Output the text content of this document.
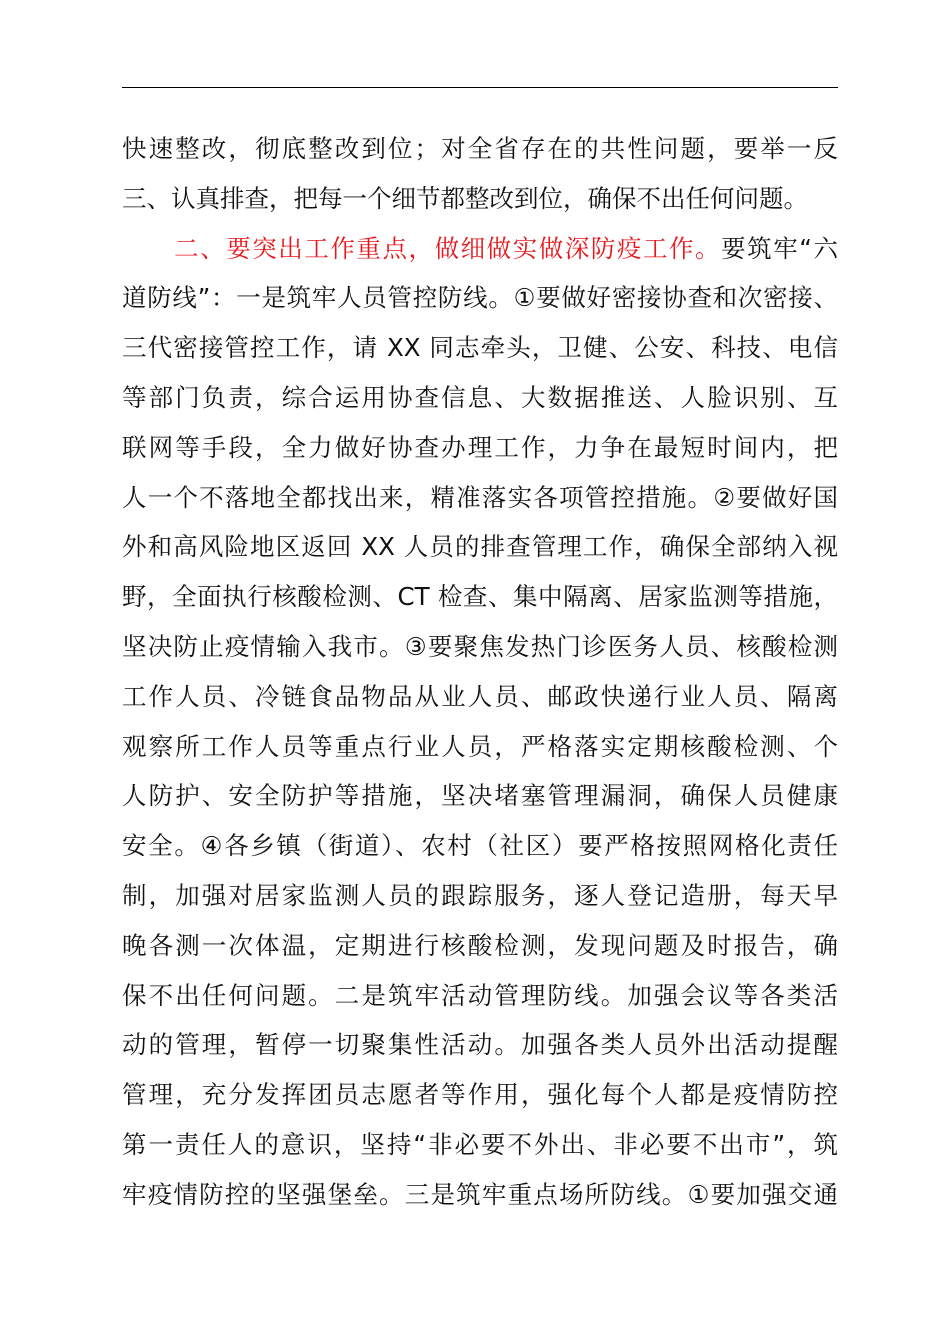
快速整改，彻底整改到位；对全省存在的共性问题，要举一反
三、认真排查，把每一个细节都整改到位，确保不出任何问题。
　　二、要突出工作重点，做细做实做深防疫工作。要筑牢“六
道防线”：一是筑牢人员管控防线。①要做好密接协查和次密接、
三代密接管控工作，请 XX 同志牵头，卫健、公安、科技、电信
等部门负责，综合运用协查信息、大数据推送、人脸识别、互
联网等手段，全力做好协查办理工作，力争在最短时间内，把
人一个不落地全都找出来，精准落实各项管控措施。②要做好国
外和高风险地区返回 XX 人员的排查管理工作，确保全部纳入视
野，全面执行核酸检测、CT 检查、集中隔离、居家监测等措施，
坚决防止疫情输入我市。③要聚焦发热门诊医务人员、核酸检测
工作人员、冷链食品物品从业人员、邮政快递行业人员、隔离
观察所工作人员等重点行业人员，严格落实定期核酸检测、个
人防护、安全防护等措施，坚决堵塞管理漏洞，确保人员健康
安全。④各乡镇（街道）、农村（社区）要严格按照网格化责任
制，加强对居家监测人员的跟踪服务，逐人登记造册，每天早
晚各测一次体温，定期进行核酸检测，发现问题及时报告，确
保不出任何问题。二是筑牢活动管理防线。加强会议等各类活
动的管理，暂停一切聚集性活动。加强各类人员外出活动提醒
管理，充分发挥团员志愿者等作用，强化每个人都是疫情防控
第一责任人的意识，坚持“非必要不外出、非必要不出市”，筑
牢疫情防控的坚强堡垒。三是筑牢重点场所防线。①要加强交通
